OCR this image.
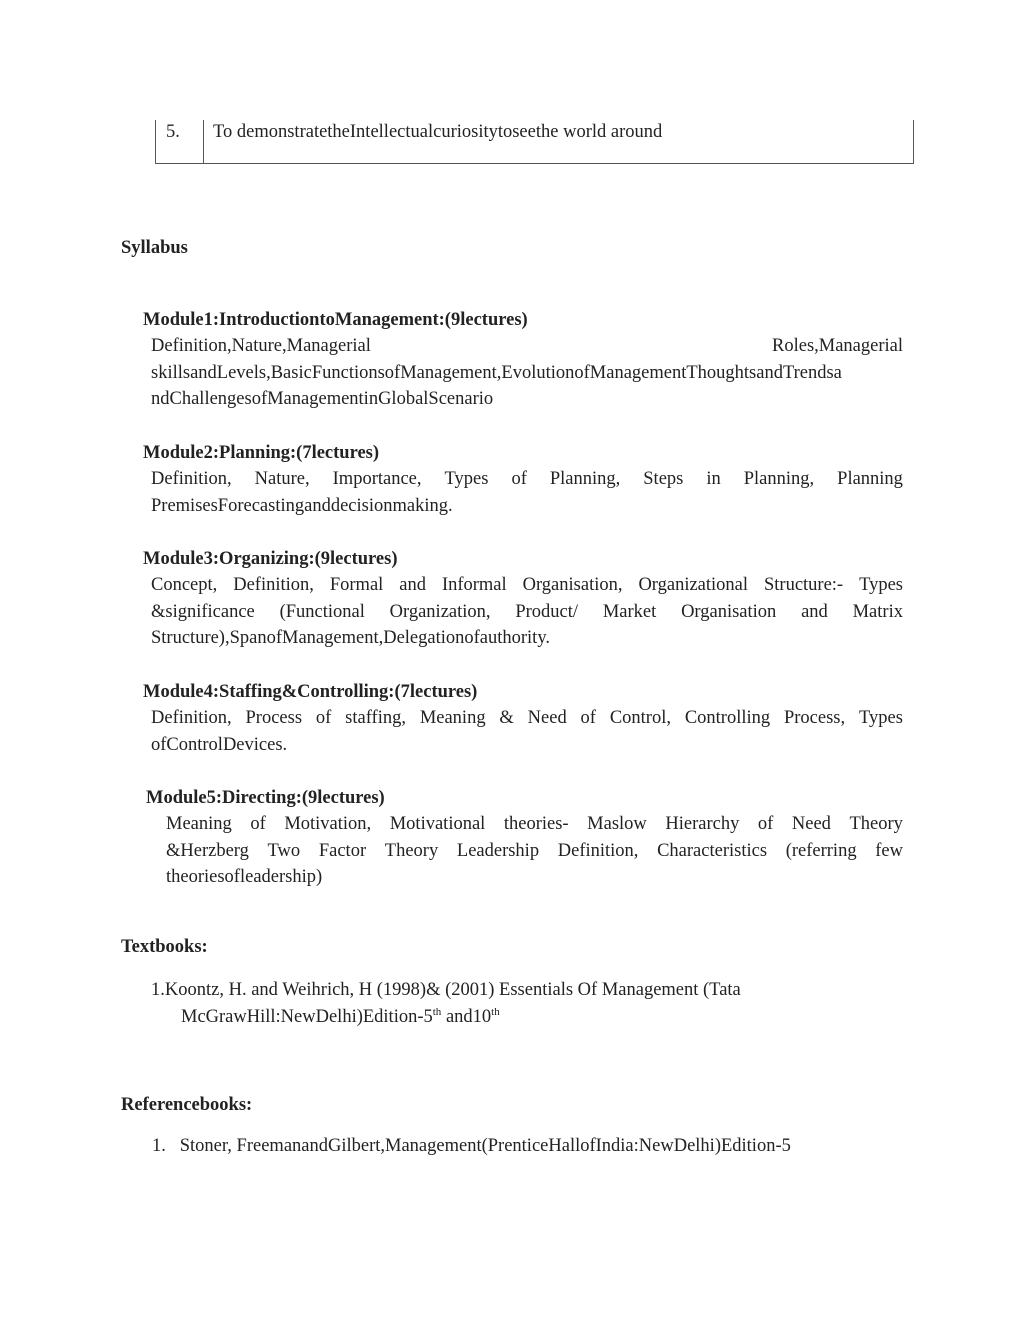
5. To demonstratetheIntellectualcuriositytoseethe world around
Syllabus
Module1:IntroductiontoManagement:(9lectures)
Definition,Nature,Managerial	Roles,Managerial
skillsandLevels,BasicFunctionsofManagement,EvolutionofManagementThoughtsandTrendsa
ndChallengesofManagementinGlobalScenario
Module2:Planning:(7lectures)
Definition, Nature, Importance, Types of Planning, Steps in Planning, Planning
PremisesForecastinganddecisionmaking.
Module3:Organizing:(9lectures)
Concept, Definition, Formal and Informal Organisation, Organizational Structure:- Types
&significance (Functional Organization, Product/ Market Organisation and Matrix
Structure),SpanofManagement,Delegationofauthority.
Module4:Staffing&Controlling:(7lectures)
Definition, Process of staffing, Meaning & Need of Control, Controlling Process, Types
ofControlDevices.
Module5:Directing:(9lectures)
Meaning of Motivation, Motivational theories- Maslow Hierarchy of Need Theory
&Herzberg Two Factor Theory Leadership Definition, Characteristics (referring few
theoriesofleadership)
Textbooks:
1.Koontz, H. and Weihrich, H (1998)& (2001) Essentials Of Management (Tata
McGrawHill:NewDelhi)Edition-5th and10th
Referencebooks:
1. Stoner, FreemanandGilbert,Management(PrenticeHallofIndia:NewDelhi)Edition-5
